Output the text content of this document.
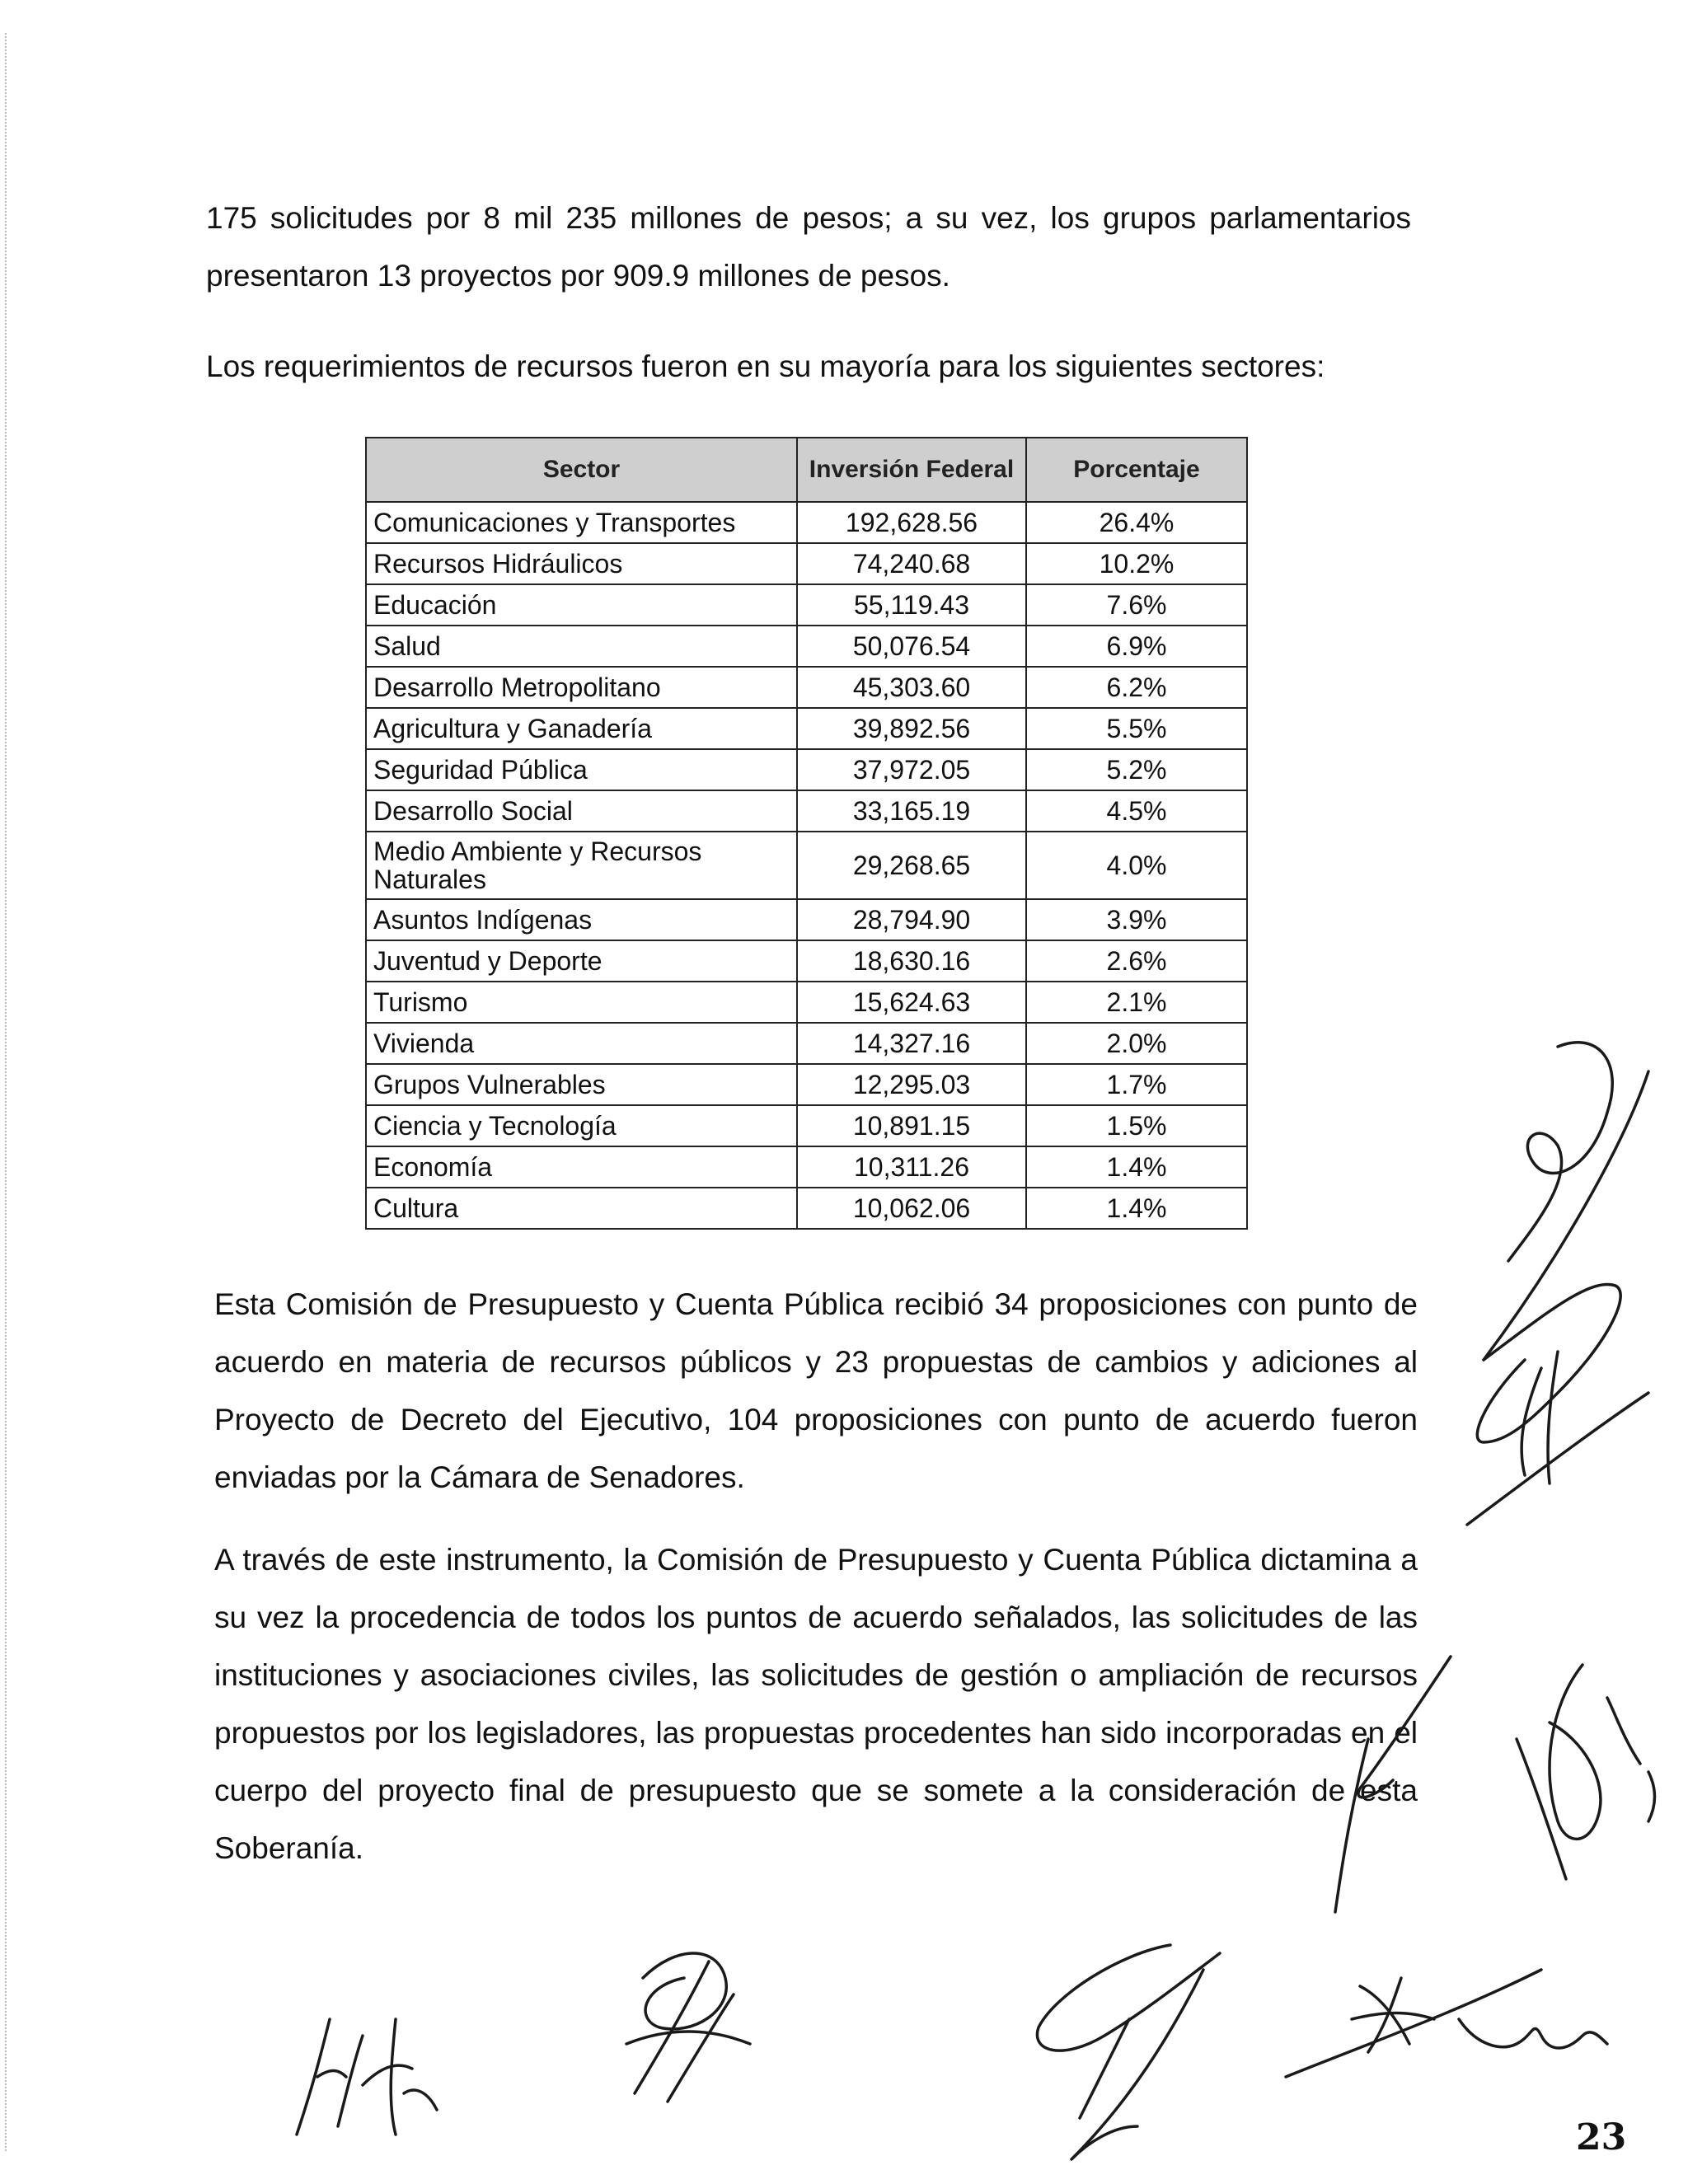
175 solicitudes por 8 mil 235 millones de pesos; a su vez, los grupos parlamentarios presentaron 13 proyectos por 909.9 millones de pesos.

Los requerimientos de recursos fueron en su mayoría para los siguientes sectores:

Sector	Inversión Federal	Porcentaje
Comunicaciones y Transportes	192,628.56	26.4%
Recursos Hidráulicos	74,240.68	10.2%
Educación	55,119.43	7.6%
Salud	50,076.54	6.9%
Desarrollo Metropolitano	45,303.60	6.2%
Agricultura y Ganadería	39,892.56	5.5%
Seguridad Pública	37,972.05	5.2%
Desarrollo Social	33,165.19	4.5%
Medio Ambiente y Recursos Naturales	29,268.65	4.0%
Asuntos Indígenas	28,794.90	3.9%
Juventud y Deporte	18,630.16	2.6%
Turismo	15,624.63	2.1%
Vivienda	14,327.16	2.0%
Grupos Vulnerables	12,295.03	1.7%
Ciencia y Tecnología	10,891.15	1.5%
Economía	10,311.26	1.4%
Cultura	10,062.06	1.4%

Esta Comisión de Presupuesto y Cuenta Pública recibió 34 proposiciones con punto de acuerdo en materia de recursos públicos y 23 propuestas de cambios y adiciones al Proyecto de Decreto del Ejecutivo, 104 proposiciones con punto de acuerdo fueron enviadas por la Cámara de Senadores.

A través de este instrumento, la Comisión de Presupuesto y Cuenta Pública dictamina a su vez la procedencia de todos los puntos de acuerdo señalados, las solicitudes de las instituciones y asociaciones civiles, las solicitudes de gestión o ampliación de recursos propuestos por los legisladores, las propuestas procedentes han sido incorporadas en el cuerpo del proyecto final de presupuesto que se somete a la consideración de esta Soberanía.

23
